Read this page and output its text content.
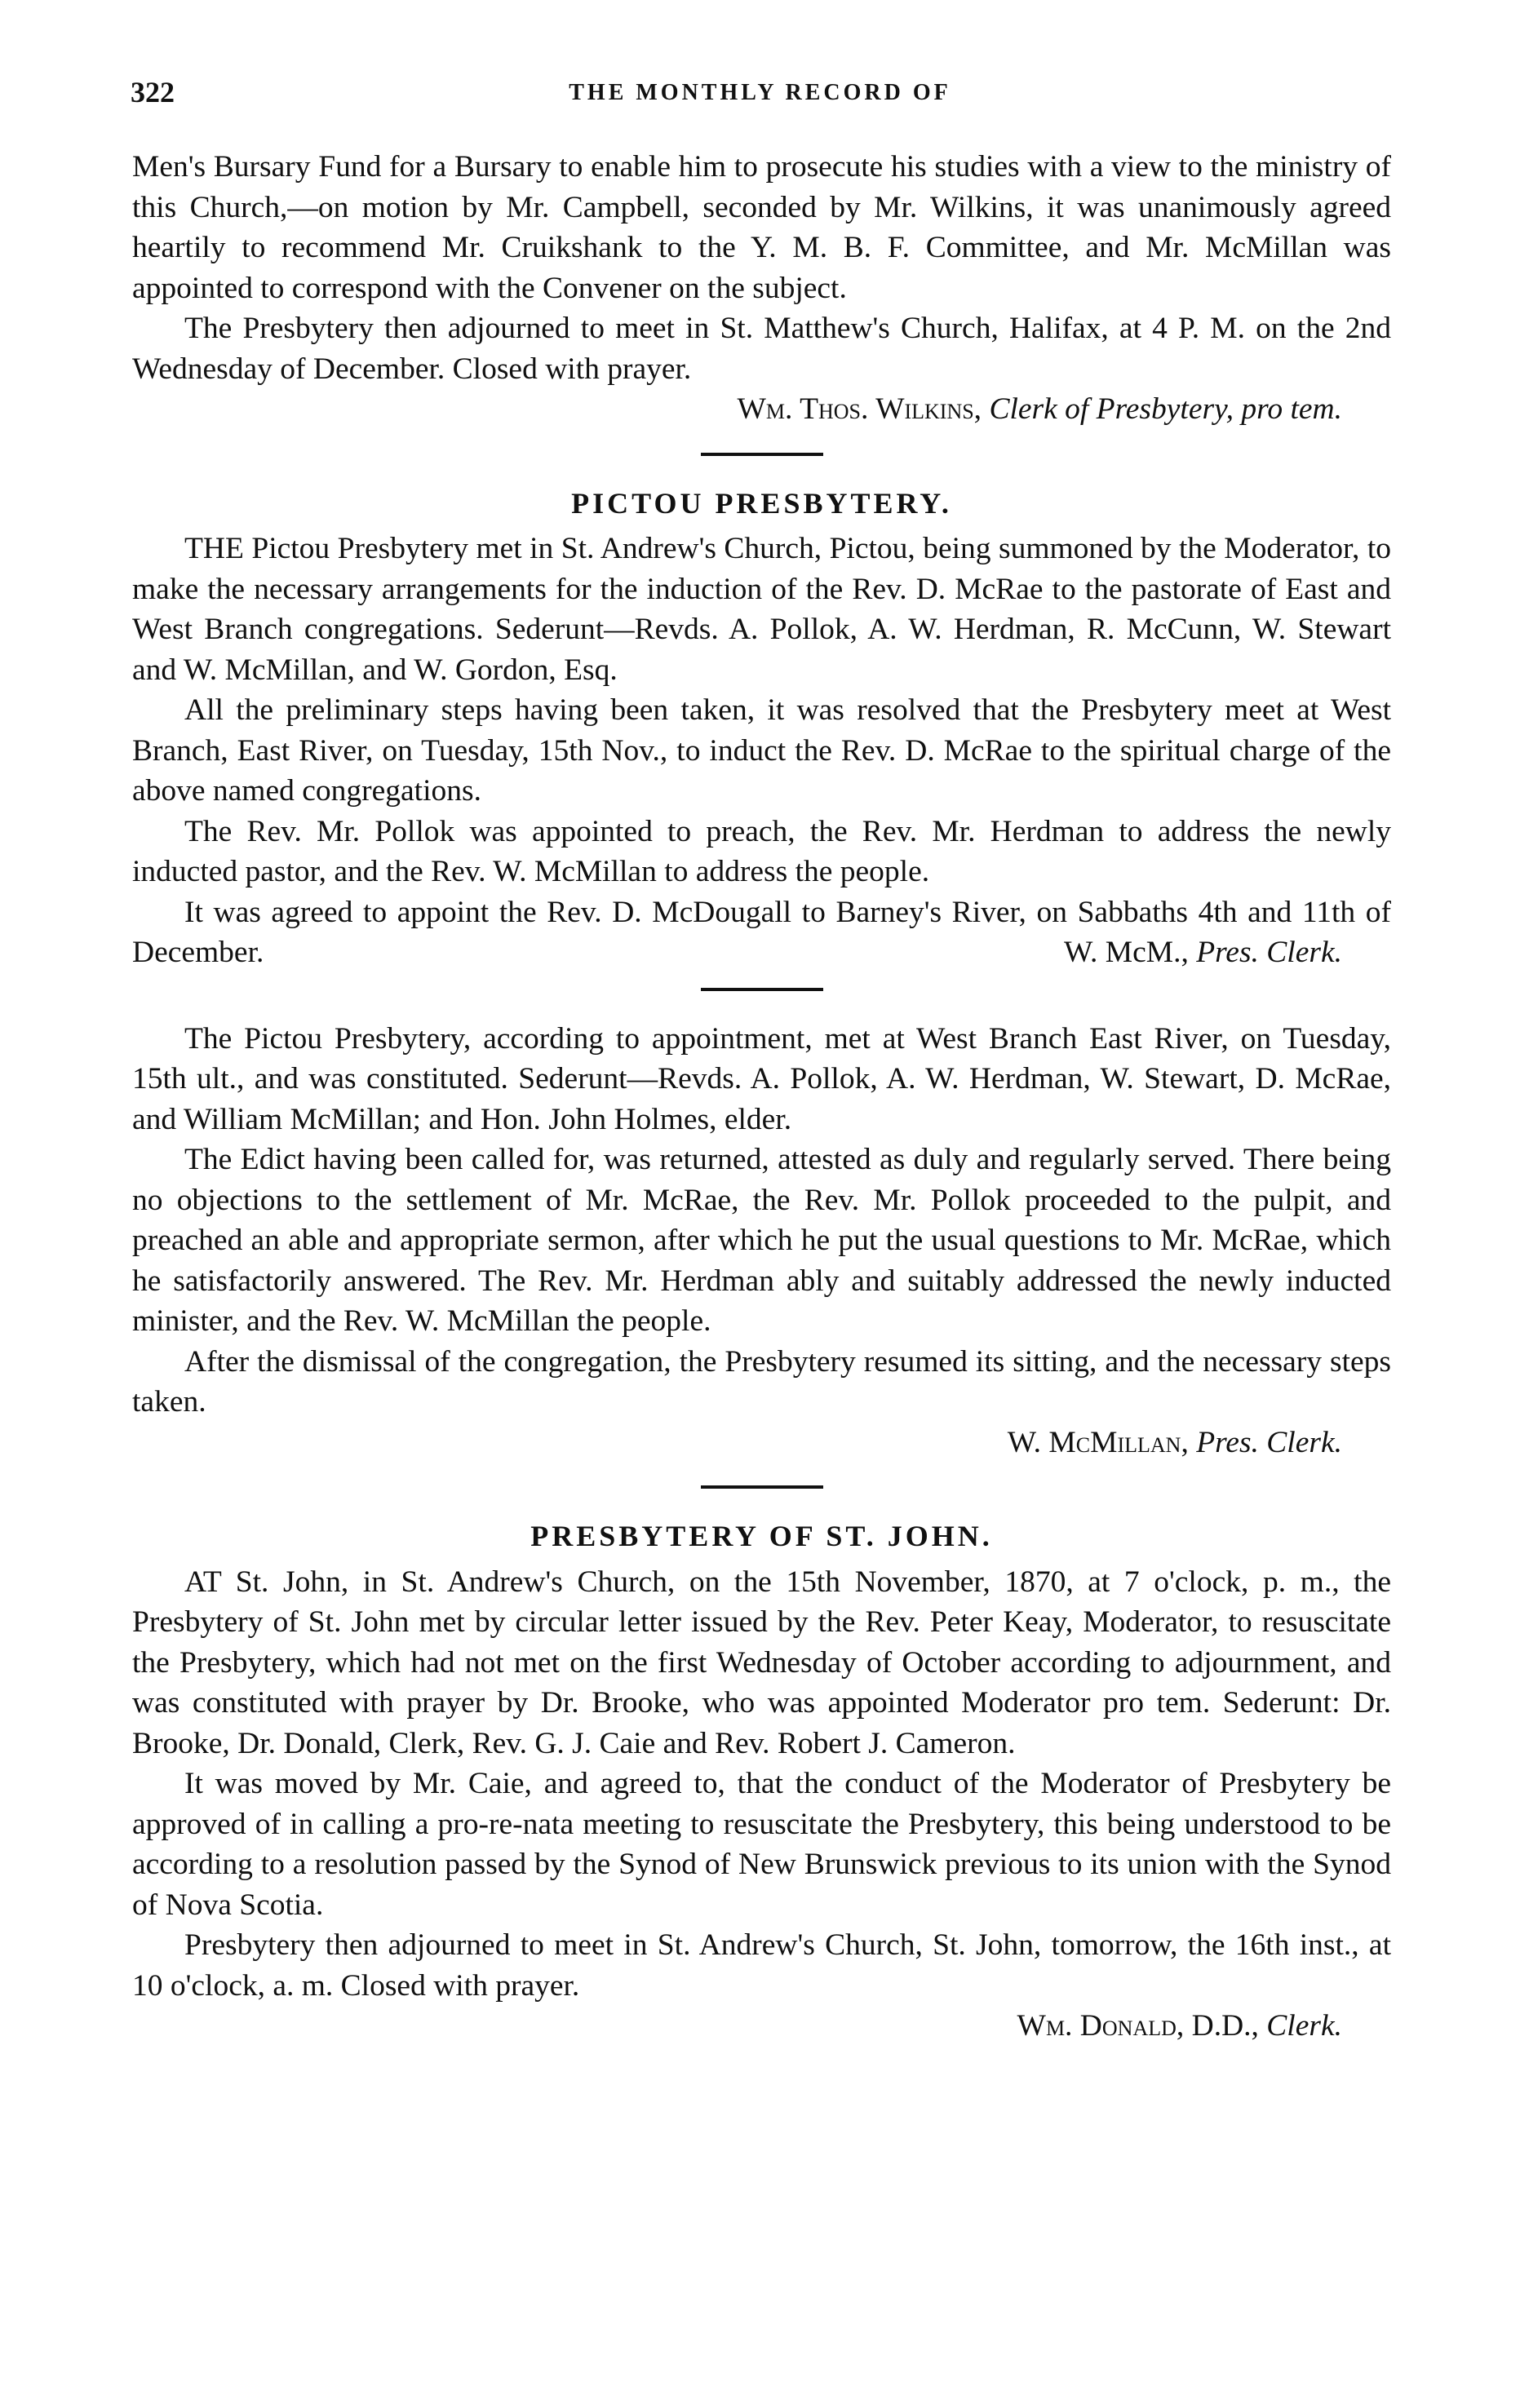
322	THE MONTHLY RECORD OF

Men's Bursary Fund for a Bursary to enable him to prosecute his studies with a view to the ministry of this Church,—on motion by Mr. Campbell, seconded by Mr. Wilkins, it was unanimously agreed heartily to recommend Mr. Cruikshank to the Y. M. B. F. Committee, and Mr. McMillan was appointed to correspond with the Convener on the subject.

The Presbytery then adjourned to meet in St. Matthew's Church, Halifax, at 4 P. M. on the 2nd Wednesday of December. Closed with prayer.

Wm. Thos. Wilkins, Clerk of Presbytery, pro tem.
PICTOU PRESBYTERY.

THE Pictou Presbytery met in St. Andrew's Church, Pictou, being summoned by the Moderator, to make the necessary arrangements for the induction of the Rev. D. McRae to the pastorate of East and West Branch congregations. Sederunt—Revds. A. Pollok, A. W. Herdman, R. McCunn, W. Stewart and W. McMillan, and W. Gordon, Esq.

All the preliminary steps having been taken, it was resolved that the Presbytery meet at West Branch, East River, on Tuesday, 15th Nov., to induct the Rev. D. McRae to the spiritual charge of the above named congregations.

The Rev. Mr. Pollok was appointed to preach, the Rev. Mr. Herdman to address the newly inducted pastor, and the Rev. W. McMillan to address the people.

It was agreed to appoint the Rev. D. McDougall to Barney's River, on Sabbaths 4th and 11th of December.	W. McM., Pres. Clerk.

The Pictou Presbytery, according to appointment, met at West Branch East River, on Tuesday, 15th ult., and was constituted. Sederunt—Revds. A. Pollok, A. W. Herdman, W. Stewart, D. McRae, and William McMillan; and Hon. John Holmes, elder.

The Edict having been called for, was returned, attested as duly and regularly served. There being no objections to the settlement of Mr. McRae, the Rev. Mr. Pollok proceeded to the pulpit, and preached an able and appropriate sermon, after which he put the usual questions to Mr. McRae, which he satisfactorily answered. The Rev. Mr. Herdman ably and suitably addressed the newly inducted minister, and the Rev. W. McMillan the people.

After the dismissal of the congregation, the Presbytery resumed its sitting, and the necessary steps taken.

W. McMillan, Pres. Clerk.
PRESBYTERY OF ST. JOHN.

AT St. John, in St. Andrew's Church, on the 15th November, 1870, at 7 o'clock, p. m., the Presbytery of St. John met by circular letter issued by the Rev. Peter Keay, Moderator, to resuscitate the Presbytery, which had not met on the first Wednesday of October according to adjournment, and was constituted with prayer by Dr. Brooke, who was appointed Moderator pro tem. Sederunt: Dr. Brooke, Dr. Donald, Clerk, Rev. G. J. Caie and Rev. Robert J. Cameron.

It was moved by Mr. Caie, and agreed to, that the conduct of the Moderator of Presbytery be approved of in calling a pro-re-nata meeting to resuscitate the Presbytery, this being understood to be according to a resolution passed by the Synod of New Brunswick previous to its union with the Synod of Nova Scotia.

Presbytery then adjourned to meet in St. Andrew's Church, St. John, tomorrow, the 16th inst., at 10 o'clock, a. m. Closed with prayer.

Wm. Donald, D.D., Clerk.
